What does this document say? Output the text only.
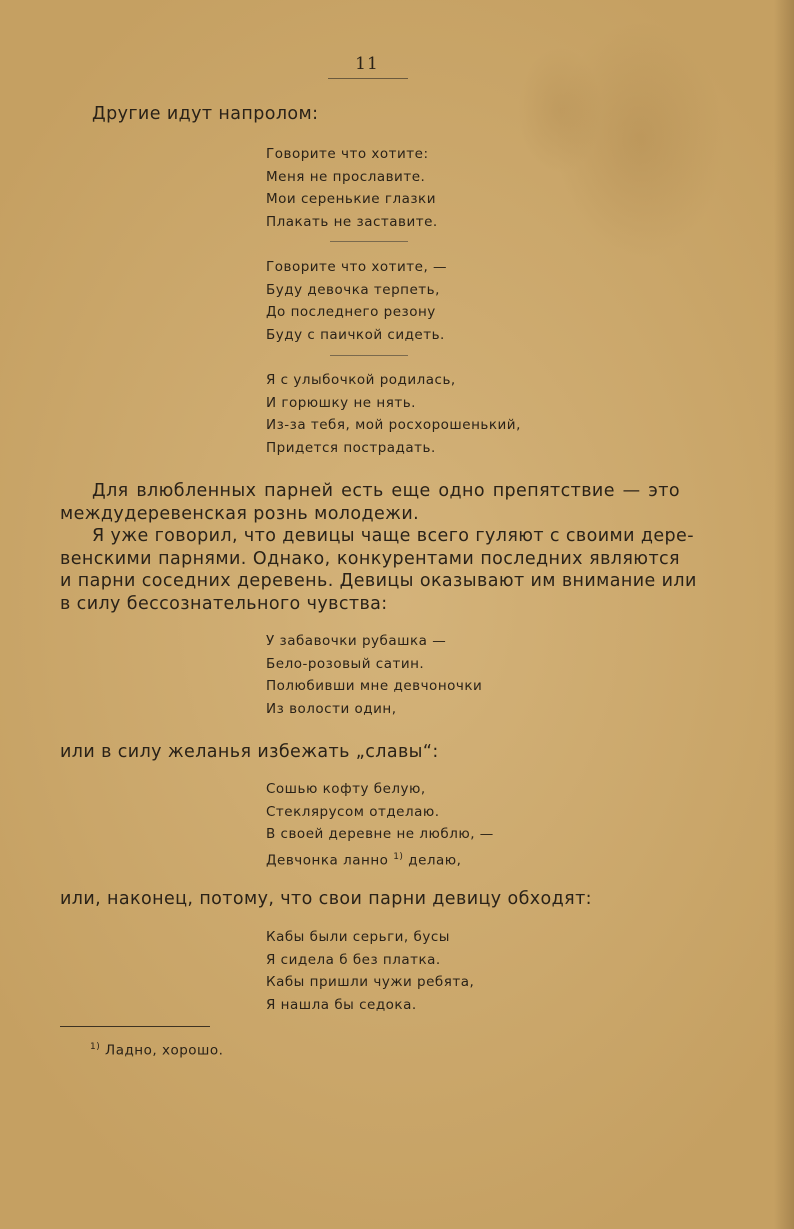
11
Другие идут напролом:
Говорите что хотите:
Меня не прославите.
Мои серенькие глазки
Плакать не заставите.
Говорите что хотите, —
Буду девочка терпеть,
До последнего резону
Буду с паичкой сидеть.
Я с улыбочкой родилась,
И горюшку не нять.
Из-за тебя, мой росхорошенький,
Придется пострадать.
Для влюбленных парней есть еще одно препятствие — это
междудеревенская рознь молодежи.
Я уже говорил, что девицы чаще всего гуляют с своими дере-
венскими парнями. Однако, конкурентами последних являются
и парни соседних деревень. Девицы оказывают им внимание или
в силу бессознательного чувства:
У забавочки рубашка —
Бело-розовый сатин.
Полюбивши мне девчоночки
Из волости один,
или в силу желанья избежать „славы“:
Сошью кофту белую,
Стеклярусом отделаю.
В своей деревне не люблю, —
Девчонка ланно $^{1)}$ делаю,
или, наконец, потому, что свои парни девицу обходят:
Кабы были серьги, бусы
Я сидела б без платка.
Кабы пришли чужи ребята,
Я нашла бы седока.
$^{1)}$ Ладно, хорошо.
